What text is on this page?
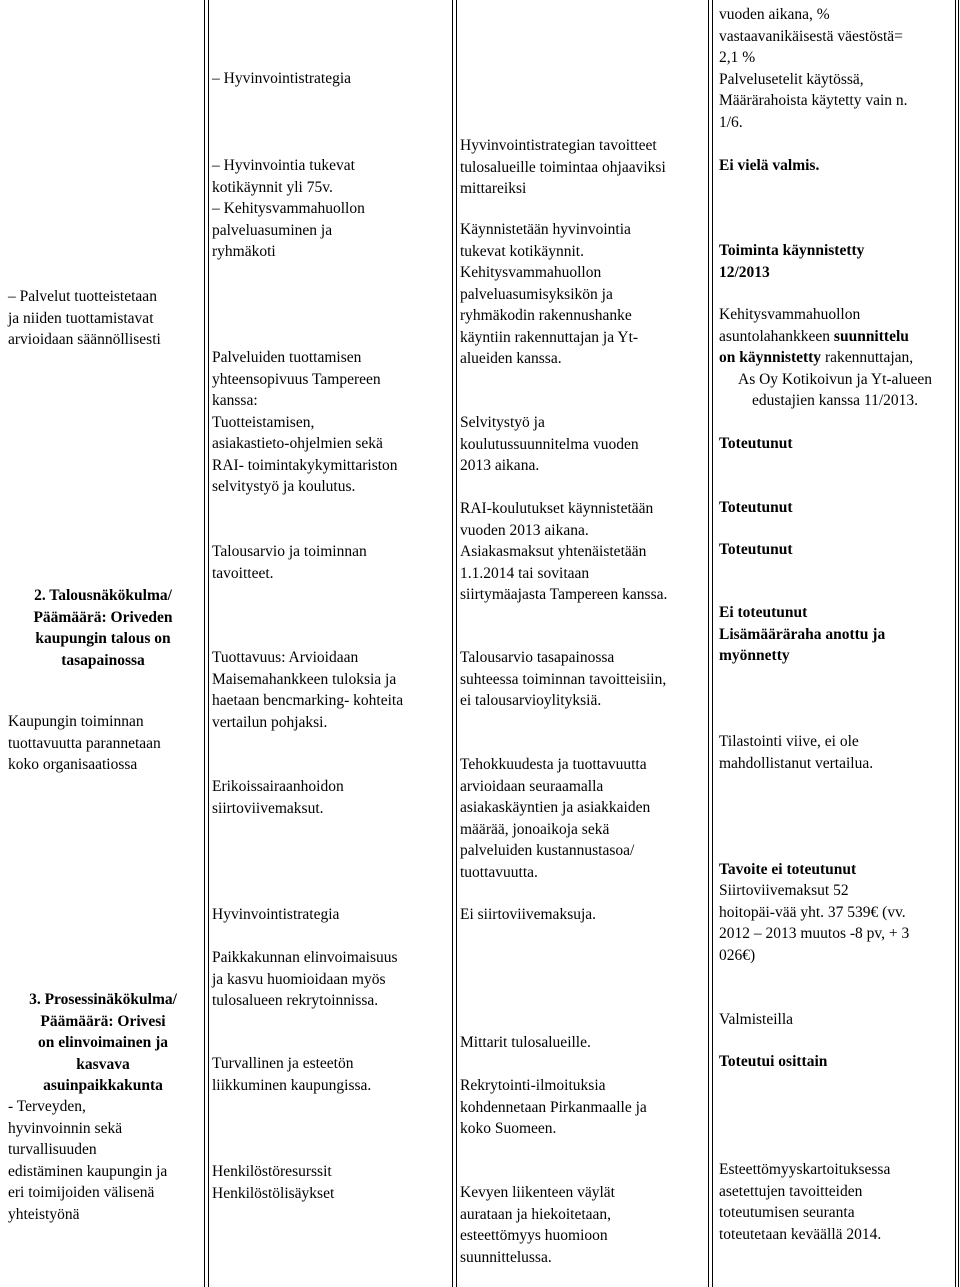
– Palvelut tuotteistetaan
ja niiden tuottamistavat
arvioidaan säännöllisesti
2. Talousnäkökulma/
Päämäärä: Oriveden
kaupungin talous on
tasapainossa
Kaupungin toiminnan
tuottavuutta parannetaan
koko organisaatiossa
3. Prosessinäkökulma/
Päämäärä: Orivesi
on elinvoimainen ja
kasvava
asuinpaikkakunta
- Terveyden,
hyvinvoinnin sekä
turvallisuuden
edistäminen kaupungin ja
eri toimijoiden välisenä
yhteistyönä
– Hyvinvointistrategia
– Hyvinvointia tukevat
kotikäynnit yli 75v.
– Kehitysvammahuollon
palveluasuminen ja
ryhmäkoti
Palveluiden tuottamisen
yhteensopivuus Tampereen
kanssa:
Tuotteistamisen,
asiakastieto-ohjelmien sekä
RAI- toimintakykymittariston
selvitystyö ja koulutus.
Talousarvio ja toiminnan
tavoitteet.
Tuottavuus: Arvioidaan
Maisemahankkeen tuloksia ja
haetaan bencmarking- kohteita
vertailun pohjaksi.
Erikoissairaanhoidon
siirtoviivemaksut.
Hyvinvointistrategia
Paikkakunnan elinvoimaisuus
ja kasvu huomioidaan myös
tulosalueen rekrytoinnissa.
Turvallinen ja esteetön
liikkuminen kaupungissa.
Henkilöstöresurssit
Henkilöstölisäykset
Hyvinvointistrategian tavoitteet
tulosalueille toimintaa ohjaaviksi
mittareiksi
Käynnistetään hyvinvointia
tukevat kotikäynnit.
Kehitysvammahuollon
palveluasumisyksikön ja
ryhmäkodin rakennushanke
käyntiin rakennuttajan ja Yt-
alueiden kanssa.
Selvitystyö ja
koulutussuunnitelma vuoden
2013 aikana.
RAI-koulutukset käynnistetään
vuoden 2013 aikana.
Asiakasmaksut yhtenäistetään
1.1.2014 tai sovitaan
siirtymäajasta Tampereen kanssa.
Talousarvio tasapainossa
suhteessa toiminnan tavoitteisiin,
ei talousarvioylityksiä.
Tehokkuudesta ja tuottavuutta
arvioidaan seuraamalla
asiakaskäyntien ja asiakkaiden
määrää, jonoaikoja sekä
palveluiden kustannustasoa/
tuottavuutta.
Ei siirtoviivemaksuja.
Mittarit tulosalueille.
Rekrytointi-ilmoituksia
kohdennetaan Pirkanmaalle ja
koko Suomeen.
Kevyen liikenteen väylät
aurataan ja hiekoitetaan,
esteettömyys huomioon
suunnittelussa.
vuoden aikana, %
vastaavanikäisestä väestöstä=
2,1 %
Palvelusetelit käytössä,
Määrärahoista käytetty vain n.
1/6.
Ei vielä valmis.
Toiminta käynnistetty
12/2013
Kehitysvammahuollon
asuntolahankkeen suunnittelu
on käynnistetty rakennuttajan,
As Oy Kotikoivun ja Yt-alueen
edustajien kanssa 11/2013.
Toteutunut
Toteutunut
Toteutunut
Ei toteutunut
Lisämääräraha anottu ja
myönnetty
Tilastointi viive, ei ole
mahdollistanut vertailua.
Tavoite ei toteutunut
Siirtoviivemaksut 52
hoitopäi-vää yht. 37 539€ (vv.
2012 – 2013 muutos -8 pv, + 3
026€)
Valmisteilla
Toteutui osittain
Esteettömyyskartoituksessa
asetettujen tavoitteiden
toteutumisen seuranta
toteutetaan keväällä 2014.
